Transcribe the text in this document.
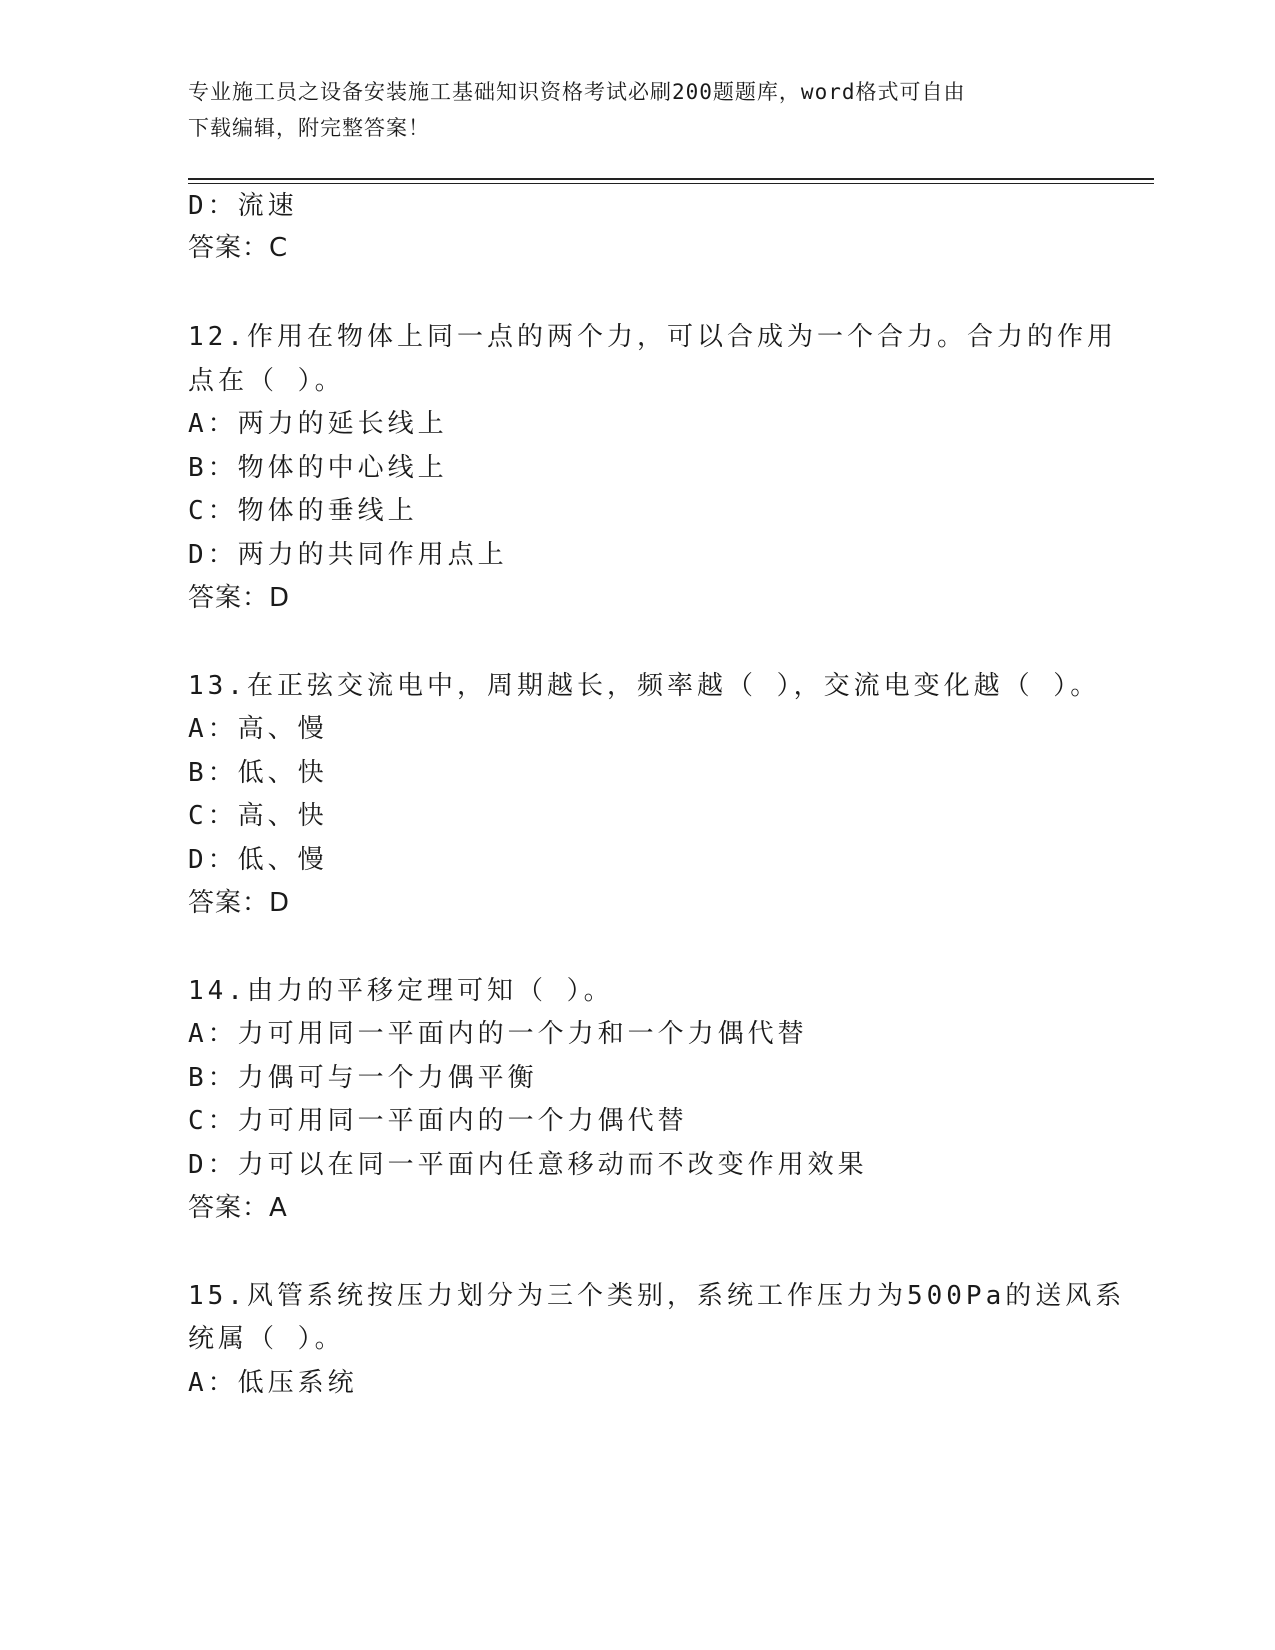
专业施工员之设备安装施工基础知识资格考试必刷200题题库，word格式可自由
下载编辑，附完整答案！
D：流速
答案：C
12.作用在物体上同一点的两个力，可以合成为一个合力。合力的作用
点在（ ）。
A：两力的延长线上
B：物体的中心线上
C：物体的垂线上
D：两力的共同作用点上
答案：D
13.在正弦交流电中，周期越长，频率越（ ），交流电变化越（ ）。
A：高、慢
B：低、快
C：高、快
D：低、慢
答案：D
14.由力的平移定理可知（ ）。
A：力可用同一平面内的一个力和一个力偶代替
B：力偶可与一个力偶平衡
C：力可用同一平面内的一个力偶代替
D：力可以在同一平面内任意移动而不改变作用效果
答案：A
15.风管系统按压力划分为三个类别，系统工作压力为500Pa的送风系
统属（ ）。
A：低压系统
